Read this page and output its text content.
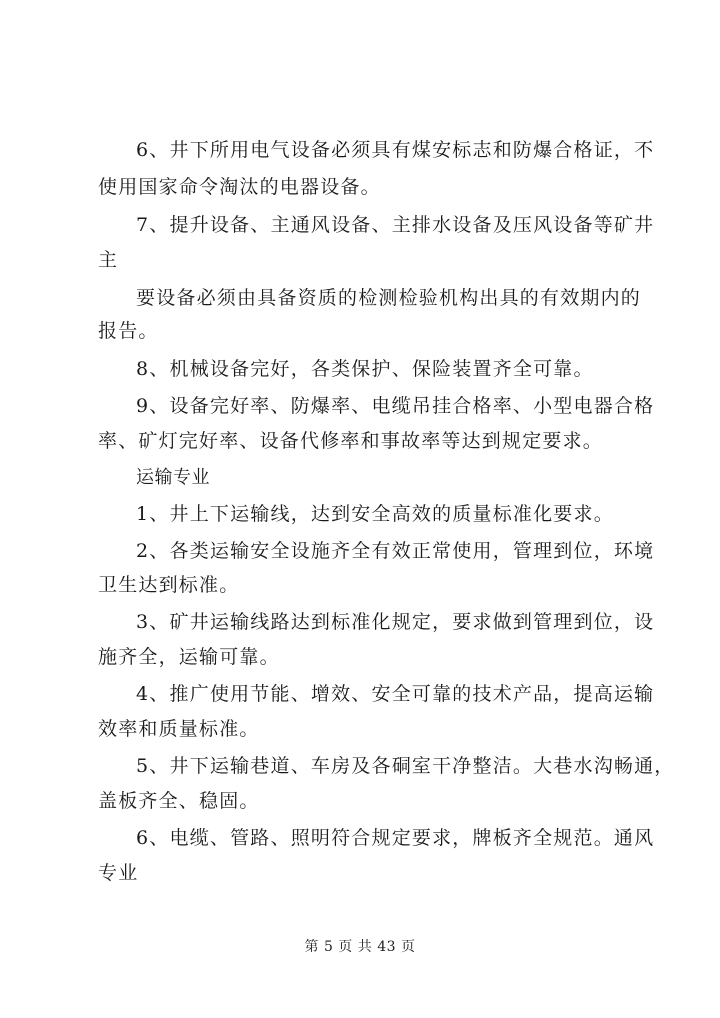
6、井下所用电气设备必须具有煤安标志和防爆合格证，不
使用国家命令淘汰的电器设备。
7、提升设备、主通风设备、主排水设备及压风设备等矿井
主
要设备必须由具备资质的检测检验机构出具的有效期内的
报告。
8、机械设备完好，各类保护、保险装置齐全可靠。
9、设备完好率、防爆率、电缆吊挂合格率、小型电器合格
率、矿灯完好率、设备代修率和事故率等达到规定要求。
运输专业
1、井上下运输线，达到安全高效的质量标准化要求。
2、各类运输安全设施齐全有效正常使用，管理到位，环境
卫生达到标准。
3、矿井运输线路达到标准化规定，要求做到管理到位，设
施齐全，运输可靠。
4、推广使用节能、增效、安全可靠的技术产品，提高运输
效率和质量标准。
5、井下运输巷道、车房及各硐室干净整洁。大巷水沟畅通，
盖板齐全、稳固。
6、电缆、管路、照明符合规定要求，牌板齐全规范。通风
专业
第 5 页 共 43 页
